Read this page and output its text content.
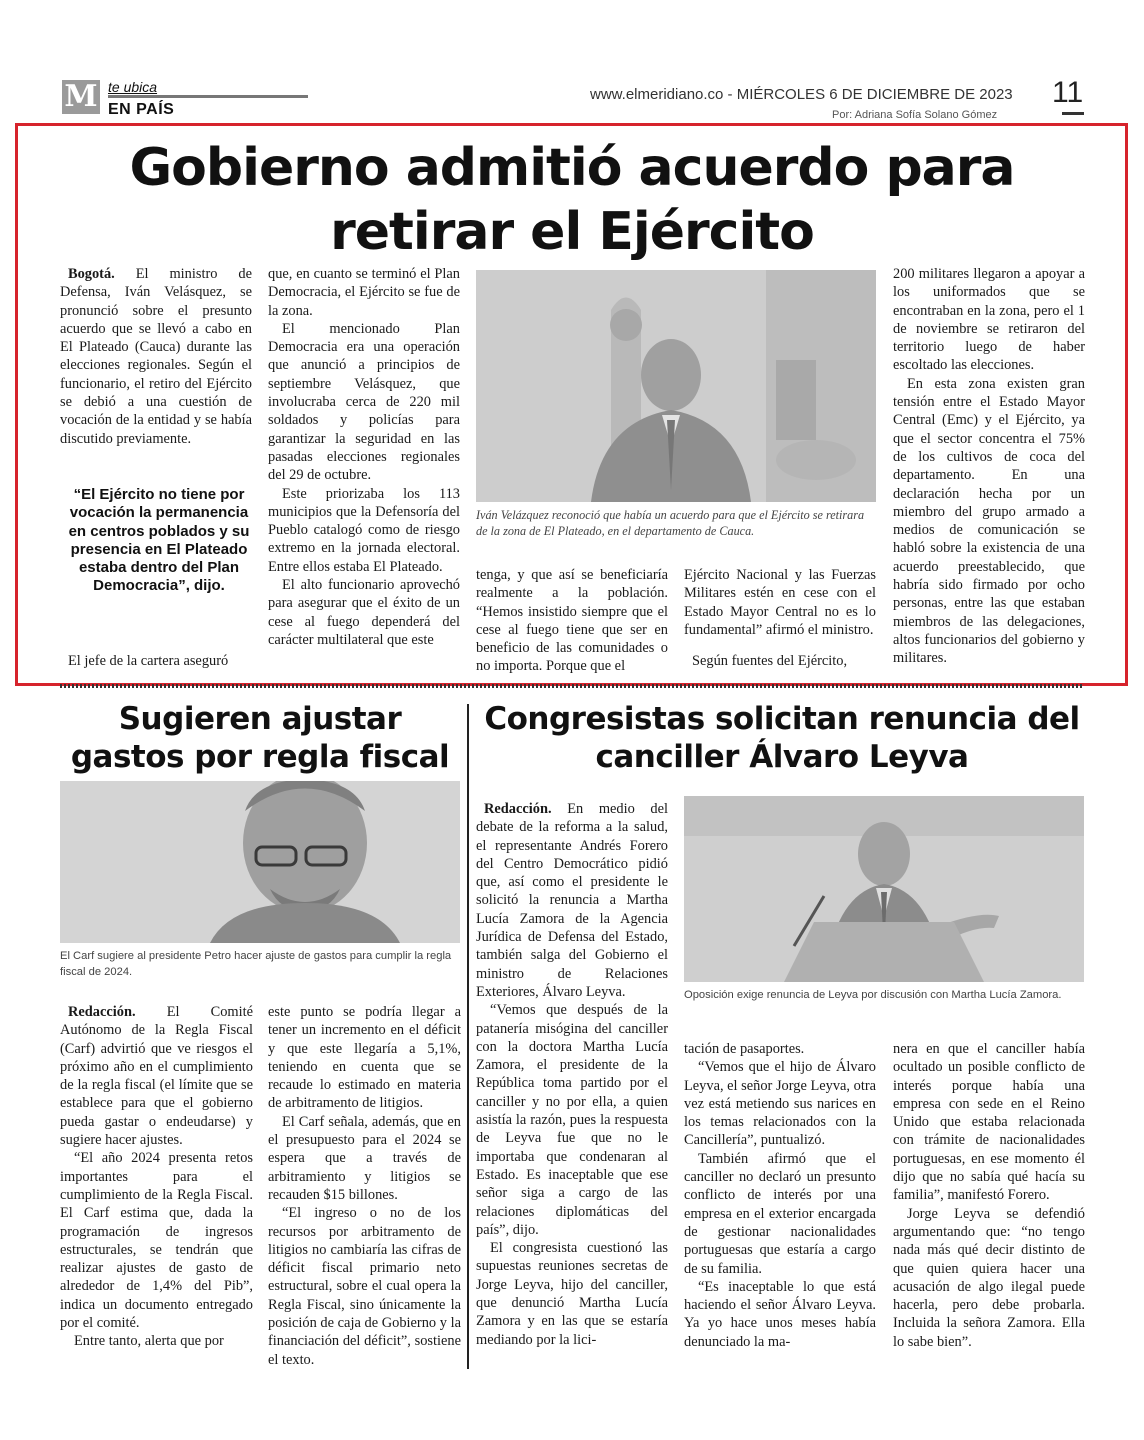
M te ubica
EN PAÍS
www.elmeridiano.co - MIÉRCOLES 6 DE DICIEMBRE DE 2023
Por: Adriana Sofía Solano Gómez
11
Gobierno admitió acuerdo para retirar el Ejército

Bogotá. El ministro de Defensa, Iván Velásquez, se pronunció sobre el presunto acuerdo que se llevó a cabo en El Plateado (Cauca) durante las elecciones regionales. Según el funcionario, el retiro del Ejército se debió a una cuestión de vocación de la entidad y se había discutido previamente.

“El Ejército no tiene por vocación la permanencia en centros poblados y su presencia en El Plateado estaba dentro del Plan Democracia”, dijo.

El jefe de la cartera aseguró

que, en cuanto se terminó el Plan Democracia, el Ejército se fue de la zona.

El mencionado Plan Democracia era una operación que anunció a principios de septiembre Velásquez, que involucraba cerca de 220 mil soldados y policías para garantizar la seguridad en las pasadas elecciones regionales del 29 de octubre.

Este priorizaba los 113 municipios que la Defensoría del Pueblo catalogó como de riesgo extremo en la jornada electoral. Entre ellos estaba El Plateado.

El alto funcionario aprovechó para asegurar que el éxito de un cese al fuego dependerá del carácter multilateral que este

Iván Velázquez reconoció que había un acuerdo para que el Ejército se retirara de la zona de El Plateado, en el departamento de Cauca.

tenga, y que así se beneficiaría realmente a la población. “Hemos insistido siempre que el cese al fuego tiene que ser en beneficio de las comunidades o no importa. Porque que el

Ejército Nacional y las Fuerzas Militares estén en cese con el Estado Mayor Central no es lo fundamental” afirmó el ministro.

Según fuentes del Ejército,

200 militares llegaron a apoyar a los uniformados que se encontraban en la zona, pero el 1 de noviembre se retiraron del territorio luego de haber escoltado las elecciones.

En esta zona existen gran tensión entre el Estado Mayor Central (Emc) y el Ejército, ya que el sector concentra el 75% de los cultivos de coca del departamento. En una declaración hecha por un miembro del grupo armado a medios de comunicación se habló sobre la existencia de una acuerdo preestablecido, que habría sido firmado por ocho personas, entre las que estaban miembros de las delegaciones, altos funcionarios del gobierno y militares.

Sugieren ajustar gastos por regla fiscal
El Carf sugiere al presidente Petro hacer ajuste de gastos para cumplir la regla fiscal de 2024.

Redacción. El Comité Autónomo de la Regla Fiscal (Carf) advirtió que ve riesgos el próximo año en el cumplimiento de la regla fiscal (el límite que se establece para que el gobierno pueda gastar o endeudarse) y sugiere hacer ajustes.

“El año 2024 presenta retos importantes para el cumplimiento de la Regla Fiscal. El Carf estima que, dada la programación de ingresos estructurales, se tendrán que realizar ajustes de gasto de alrededor de 1,4% del Pib”, indica un documento entregado por el comité.

Entre tanto, alerta que por

este punto se podría llegar a tener un incremento en el déficit y que este llegaría a 5,1%, teniendo en cuenta que se recaude lo estimado en materia de arbitramento de litigios.

El Carf señala, además, que en el presupuesto para el 2024 se espera que a través de arbitramiento y litigios se recauden $15 billones.

“El ingreso o no de los recursos por arbitramento de litigios no cambiaría las cifras de déficit fiscal primario neto estructural, sobre el cual opera la Regla Fiscal, sino únicamente la posición de caja de Gobierno y la financiación del déficit”, sostiene el texto.

Congresistas solicitan renuncia del canciller Álvaro Leyva

Redacción. En medio del debate de la reforma a la salud, el representante Andrés Forero del Centro Democrático pidió que, así como el presidente le solicitó la renuncia a Martha Lucía Zamora de la Agencia Jurídica de Defensa del Estado, también salga del Gobierno el ministro de Relaciones Exteriores, Álvaro Leyva.

“Vemos que después de la patanería misógina del canciller con la doctora Martha Lucía Zamora, el presidente de la República toma partido por el canciller y no por ella, a quien asistía la razón, pues la respuesta de Leyva fue que no le importaba que condenaran al Estado. Es inaceptable que ese señor siga a cargo de las relaciones diplomáticas del país”, dijo.

El congresista cuestionó las supuestas reuniones secretas de Jorge Leyva, hijo del canciller, que denunció Martha Lucía Zamora y en las que se estaría mediando por la lici-

Oposición exige renuncia de Leyva por discusión con Martha Lucía Zamora.

tación de pasaportes.

“Vemos que el hijo de Álvaro Leyva, el señor Jorge Leyva, otra vez está metiendo sus narices en los temas relacionados con la Cancillería”, puntualizó.

También afirmó que el canciller no declaró un presunto conflicto de interés por una empresa en el exterior encargada de gestionar nacionalidades portuguesas que estaría a cargo de su familia.

“Es inaceptable lo que está haciendo el señor Álvaro Leyva. Ya yo hace unos meses había denunciado la ma-

nera en que el canciller había ocultado un posible conflicto de interés porque había una empresa con sede en el Reino Unido que estaba relacionada con trámite de nacionalidades portuguesas, en ese momento él dijo que no sabía qué hacía su familia”, manifestó Forero.

Jorge Leyva se defendió argumentando que: “no tengo nada más qué decir distinto de que quien quiera hacer una acusación de algo ilegal puede hacerla, pero debe probarla. Incluida la señora Zamora. Ella lo sabe bien”.
